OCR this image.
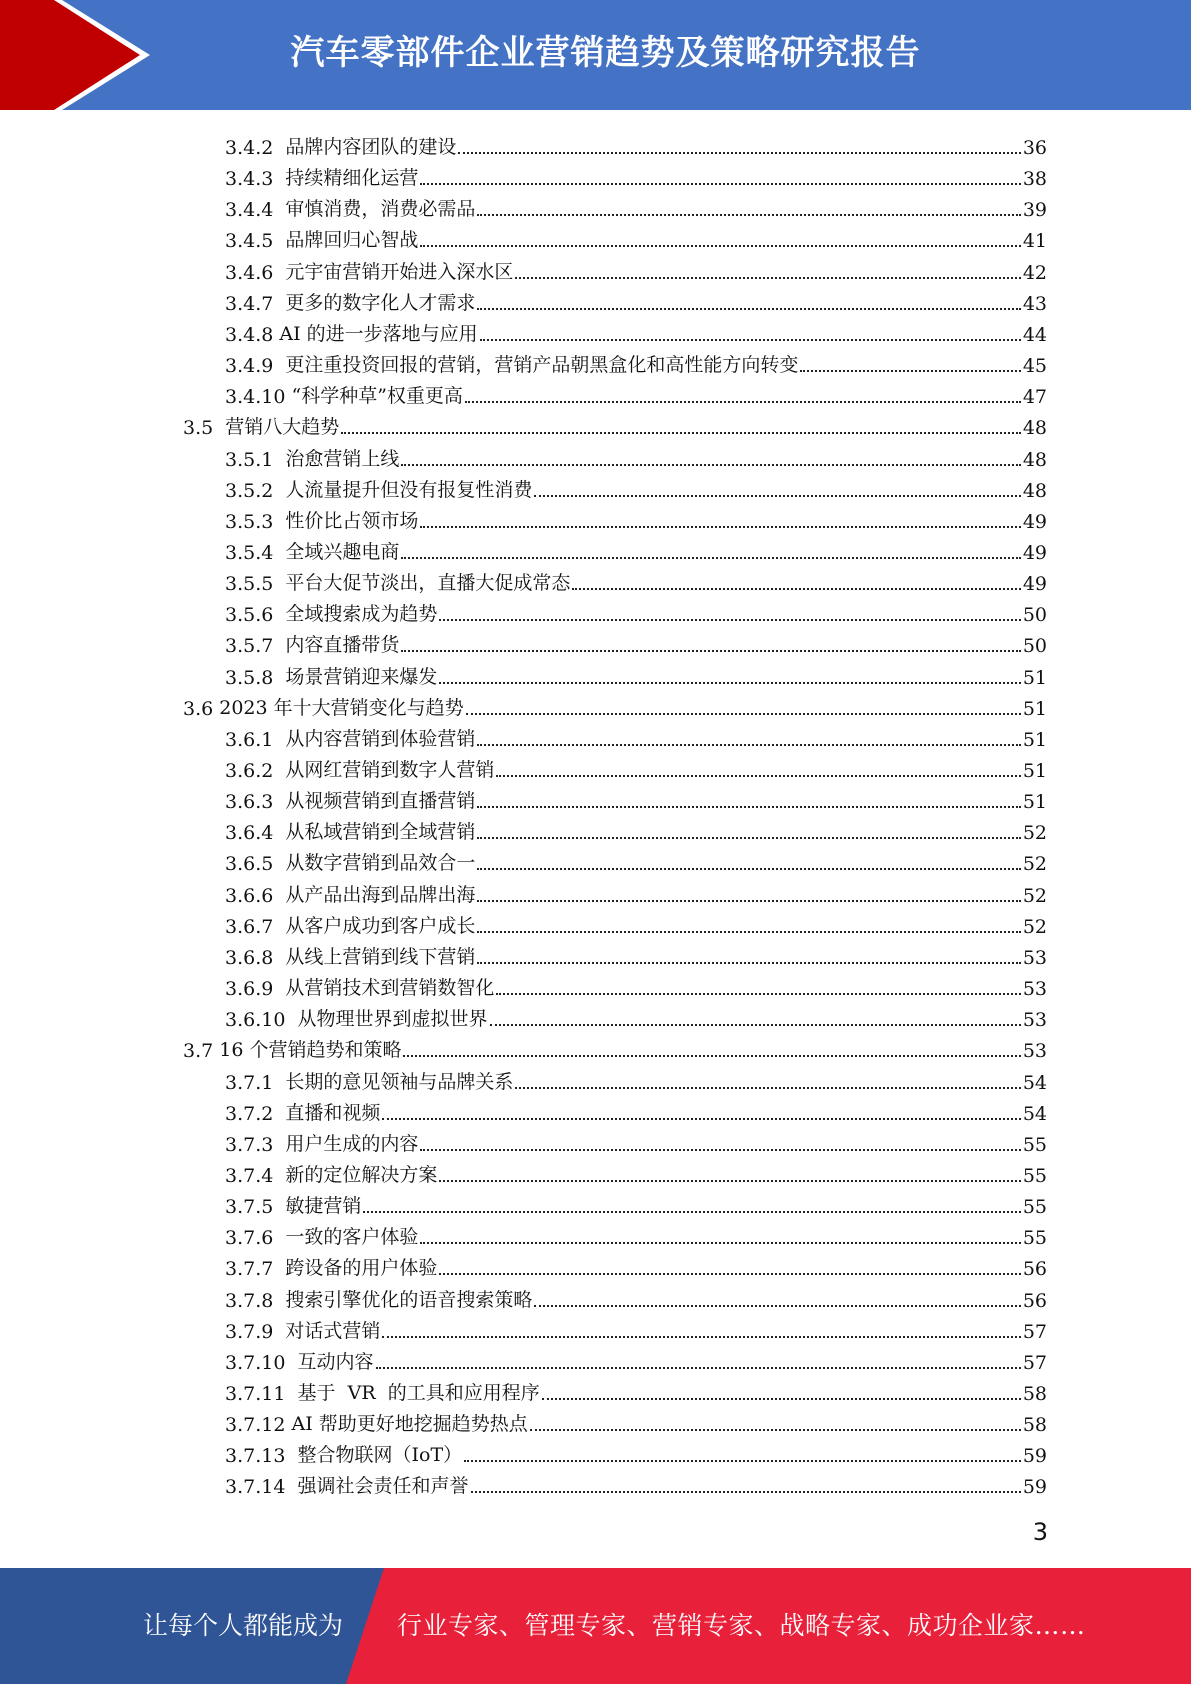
汽车零部件企业营销趋势及策略研究报告
3.4.2 品牌内容团队的建设	36
3.4.3 持续精细化运营	38
3.4.4 审慎消费，消费必需品	39
3.4.5 品牌回归心智战	41
3.4.6 元宇宙营销开始进入深水区	42
3.4.7 更多的数字化人才需求	43
3.4.8 AI 的进一步落地与应用	44
3.4.9 更注重投资回报的营销，营销产品朝黑盒化和高性能方向转变	45
3.4.10 “科学种草”权重更高	47
3.5 营销八大趋势	48
3.5.1 治愈营销上线	48
3.5.2 人流量提升但没有报复性消费	48
3.5.3 性价比占领市场	49
3.5.4 全域兴趣电商	49
3.5.5 平台大促节淡出，直播大促成常态	49
3.5.6 全域搜索成为趋势	50
3.5.7 内容直播带货	50
3.5.8 场景营销迎来爆发	51
3.6 2023 年十大营销变化与趋势	51
3.6.1 从内容营销到体验营销	51
3.6.2 从网红营销到数字人营销	51
3.6.3 从视频营销到直播营销	51
3.6.4 从私域营销到全域营销	52
3.6.5 从数字营销到品效合一	52
3.6.6 从产品出海到品牌出海	52
3.6.7 从客户成功到客户成长	52
3.6.8 从线上营销到线下营销	53
3.6.9 从营销技术到营销数智化	53
3.6.10 从物理世界到虚拟世界	53
3.7 16 个营销趋势和策略	53
3.7.1 长期的意见领袖与品牌关系	54
3.7.2 直播和视频	54
3.7.3 用户生成的内容	55
3.7.4 新的定位解决方案	55
3.7.5 敏捷营销	55
3.7.6 一致的客户体验	55
3.7.7 跨设备的用户体验	56
3.7.8 搜索引擎优化的语音搜索策略	56
3.7.9 对话式营销	57
3.7.10 互动内容	57
3.7.11 基于  VR  的工具和应用程序	58
3.7.12 AI 帮助更好地挖掘趋势热点	58
3.7.13 整合物联网（IoT）	59
3.7.14 强调社会责任和声誉	59
3
让每个人都能成为 行业专家、管理专家、营销专家、战略专家、成功企业家……
